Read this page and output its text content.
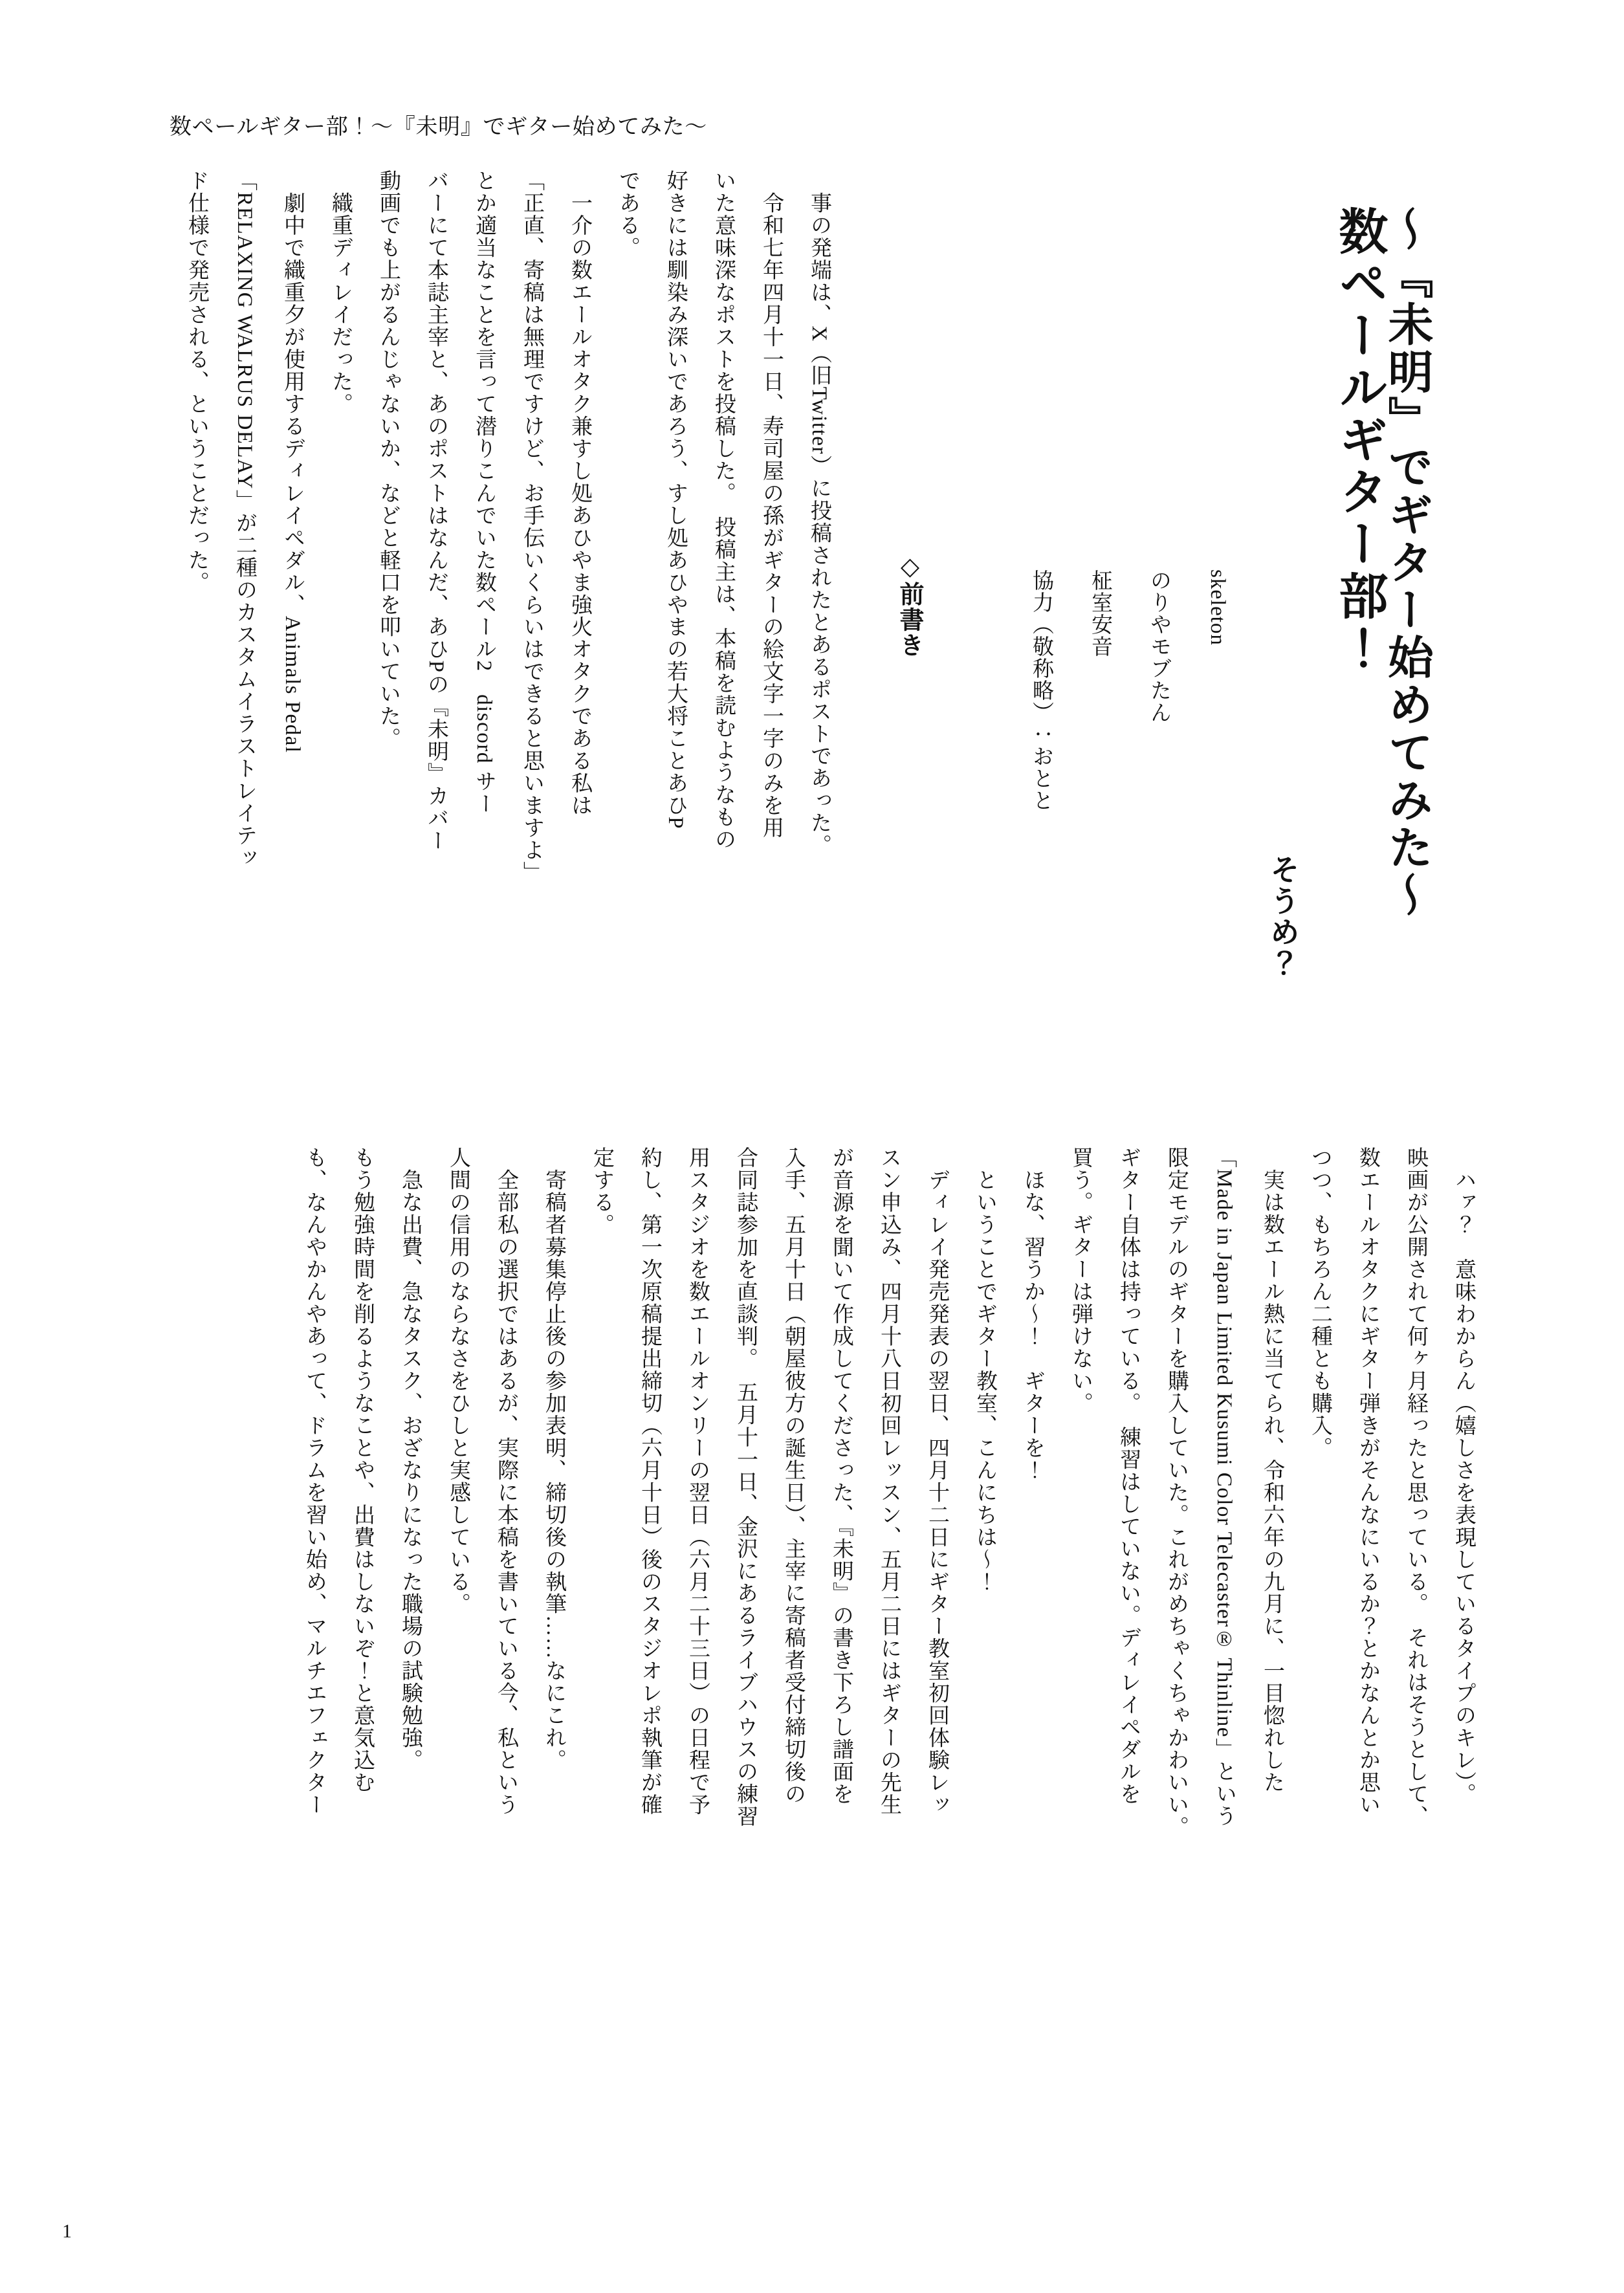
数ペールギター部！～『未明』でギター始めてみた～
数ペールギター部！
～『未明』でギター始めてみた～
そうめ？
協力（敬称略）：おとと 柾室安音 のりやモブたん skeleton
◇前書き
　事の発端は、X（旧Twitter）に投稿されたとあるポストであった。
　令和七年四月十一日、寿司屋の孫がギターの絵文字一字のみを用
いた意味深なポストを投稿した。　投稿主は、本稿を読むようなもの
好きには馴染み深いであろう、すし処あひやまの若大将ことあひP
である。
　一介の数エールオタク兼すし処あひやま強火オタクである私は
「正直、寄稿は無理ですけど、お手伝いくらいはできると思いますよ」
とか適当なことを言って潜りこんでいた数ペール2　discord サー
バーにて本誌主宰と、あのポストはなんだ、あひPの『未明』カバー
動画でも上がるんじゃないか、などと軽口を叩いていた。
　織重ディレイだった。
　劇中で織重夕が使用するディレイペダル、Animals Pedal
「RELAXING WALRUS DELAY」が二種のカスタムイラストレイテッ
ド仕様で発売される、ということだった。
　ハァ？　意味わからん（嬉しさを表現しているタイプのキレ）。
映画が公開されて何ヶ月経ったと思っている。　それはそうとして、
数エールオタクにギター弾きがそんなにいるか？とかなんとか思い
つつ、もちろん二種とも購入。
　実は数エール熱に当てられ、令和六年の九月に、一目惚れした
「Made in Japan Limited Kusumi Color Telecaster® Thinline」という
限定モデルのギターを購入していた。これがめちゃくちゃかわいい。
ギター自体は持っている。　練習はしていない。ディレイペダルを
買う。ギターは弾けない。
　ほな、習うか～！　ギターを！
　ということでギター教室、こんにちは～！
　ディレイ発売発表の翌日、四月十二日にギター教室初回体験レッ
スン申込み、四月十八日初回レッスン、五月二日にはギターの先生
が音源を聞いて作成してくださった、『未明』の書き下ろし譜面を
入手、五月十日（朝屋彼方の誕生日）、主宰に寄稿者受付締切後の
合同誌参加を直談判。　五月十一日、金沢にあるライブハウスの練習
用スタジオを数エールオンリーの翌日（六月二十三日）の日程で予
約し、第一次原稿提出締切（六月十日）後のスタジオレポ執筆が確
定する。
　寄稿者募集停止後の参加表明、締切後の執筆……なにこれ。
　全部私の選択ではあるが、実際に本稿を書いている今、私という
人間の信用のならなさをひしと実感している。
　急な出費、急なタスク、おざなりになった職場の試験勉強。
もう勉強時間を削るようなことや、出費はしないぞ！と意気込む
も、なんやかんやあって、ドラムを習い始め、マルチエフェクター
1
